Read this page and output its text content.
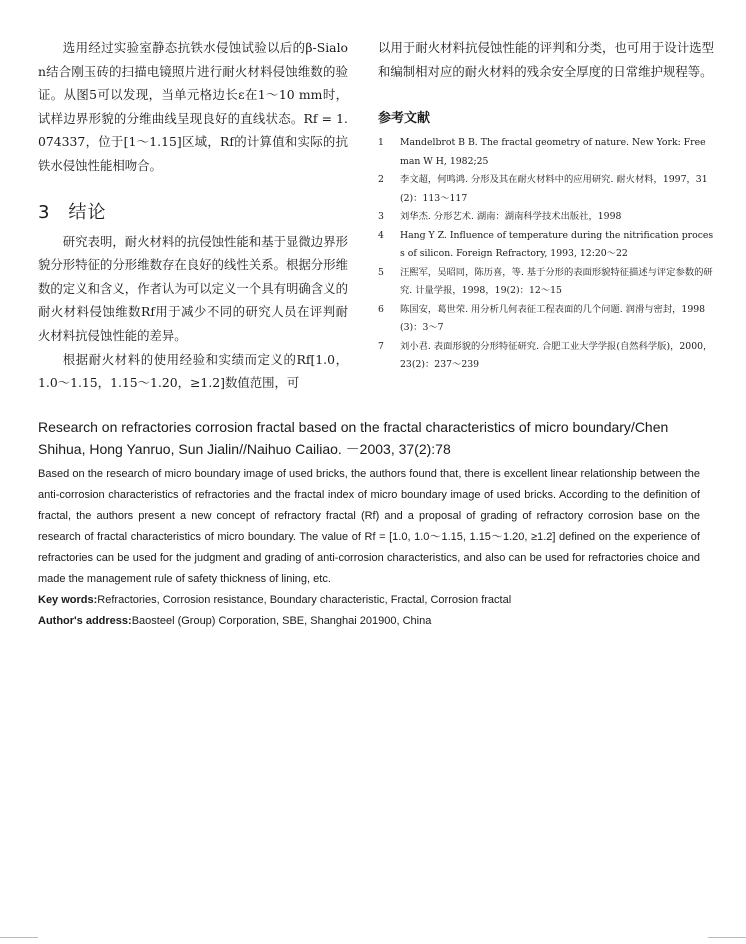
选用经过实验室静态抗铁水侵蚀试验以后的β-Sialon结合刚玉砖的扫描电镜照片进行耐火材料侵蚀维数的验证。从图5可以发现，当单元格边长ε在1～10 mm时，试样边界形貌的分维曲线呈现良好的直线状态。Rf = 1.074337，位于[1～1.15]区域，Rf的计算值和实际的抗铁水侵蚀性能相吻合。

3 结论

研究表明，耐火材料的抗侵蚀性能和基于显微边界形貌分形特征的分形维数存在良好的线性关系。根据分形维数的定义和含义，作者认为可以定义一个具有明确含义的耐火材料侵蚀维数Rf用于减少不同的研究人员在评判耐火材料抗侵蚀性能的差异。

根据耐火材料的使用经验和实绩而定义的Rf[1.0，1.0～1.15，1.15～1.20，≥1.2]数值范围，可

以用于耐火材料抗侵蚀性能的评判和分类，也可用于设计选型和编制相对应的耐火材料的残余安全厚度的日常维护规程等。

参考文献
1	Mandelbrot B B. The fractal geometry of nature. New York: Freeman W H, 1982;25
2	李文超，何鸣鸿. 分形及其在耐火材料中的应用研究. 耐火材料，1997，31(2)：113～117
3	刘华杰. 分形艺术. 湖南：湖南科学技术出版社，1998
4	Hang Y Z. Influence of temperature during the nitrification process of silicon. Foreign Refractory, 1993, 12:20～22
5	汪熙军，吴昭同，陈历喜，等. 基于分形的表面形貌特征描述与评定参数的研究. 计量学报，1998，19(2)：12～15
6	陈国安，葛世荣. 用分析几何表征工程表面的几个问题. 润滑与密封，1998(3)：3～7
7	刘小君. 表面形貌的分形特征研究. 合肥工业大学学报(自然科学版)，2000，23(2)：237～239

Research on refractories corrosion fractal based on the fractal characteristics of micro boundary/Chen Shihua, Hong Yanruo, Sun Jialin//Naihuo Cailiao. －2003, 37(2):78

Based on the research of micro boundary image of used bricks, the authors found that, there is excellent linear relationship between the anti-corrosion characteristics of refractories and the fractal index of micro boundary image of used bricks. According to the definition of fractal, the authors present a new concept of refractory fractal (Rf) and a proposal of grading of refractory corrosion base on the research of fractal characteristics of micro boundary. The value of Rf = [1.0, 1.0～1.15, 1.15～1.20, ≥1.2] defined on the experience of refractories can be used for the judgment and grading of anti-corrosion characteristics, and also can be used for refractories choice and made the management rule of safety thickness of lining, etc.

Key words:Refractories, Corrosion resistance, Boundary characteristic, Fractal, Corrosion fractal

Author's address:Baosteel (Group) Corporation, SBE, Shanghai 201900, China
